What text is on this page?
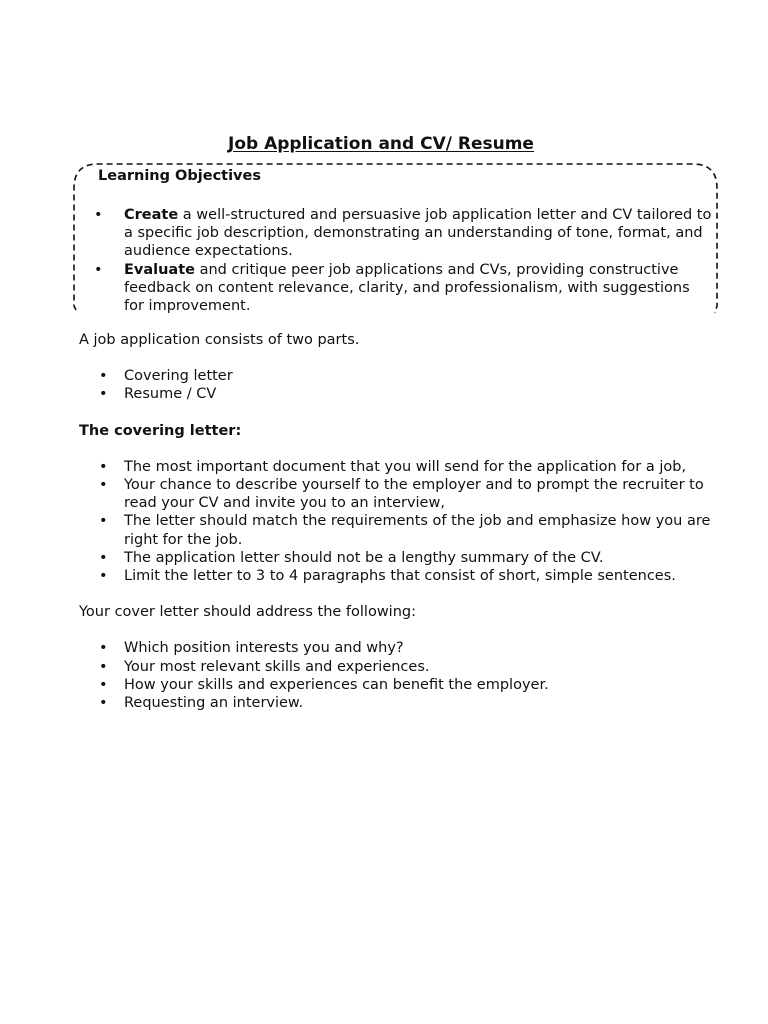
Job Application and CV/ Resume
Learning Objectives
• Create a well-structured and persuasive job application letter and CV tailored to a specific job description, demonstrating an understanding of tone, format, and audience expectations.
• Evaluate and critique peer job applications and CVs, providing constructive feedback on content relevance, clarity, and professionalism, with suggestions for improvement.

A job application consists of two parts.

• Covering letter
• Resume / CV

The covering letter:

• The most important document that you will send for the application for a job,
• Your chance to describe yourself to the employer and to prompt the recruiter to read your CV and invite you to an interview,
• The letter should match the requirements of the job and emphasize how you are right for the job.
• The application letter should not be a lengthy summary of the CV.
• Limit the letter to 3 to 4 paragraphs that consist of short, simple sentences.

Your cover letter should address the following:

• Which position interests you and why?
• Your most relevant skills and experiences.
• How your skills and experiences can benefit the employer.
• Requesting an interview.
